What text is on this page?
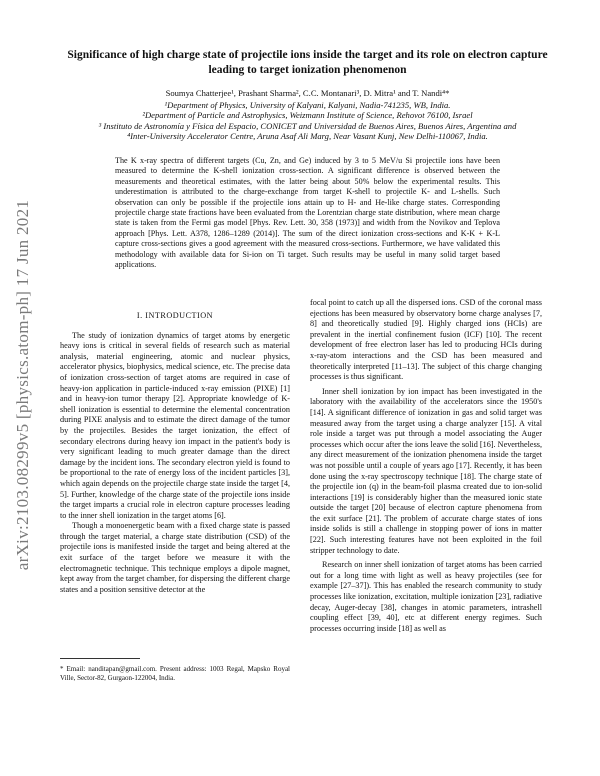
arXiv:2103.08299v5 [physics.atom-ph] 17 Jun 2021
Significance of high charge state of projectile ions inside the target and its role on electron capture leading to target ionization phenomenon
Soumya Chatterjee¹, Prashant Sharma², C.C. Montanari³, D. Mitra¹ and T. Nandi⁴*
¹Department of Physics, University of Kalyani, Kalyani, Nadia-741235, WB, India.
²Department of Particle and Astrophysics, Weizmann Institute of Science, Rehovot 76100, Israel
³ Instituto de Astronomía y Física del Espacio, CONICET and Universidad de Buenos Aires, Buenos Aires, Argentina and
⁴Inter-University Accelerator Centre, Aruna Asaf Ali Marg, Near Vasant Kunj, New Delhi-110067, India.
The K x-ray spectra of different targets (Cu, Zn, and Ge) induced by 3 to 5 MeV/u Si projectile ions have been measured to determine the K-shell ionization cross-section. A significant difference is observed between the measurements and theoretical estimates, with the latter being about 50% below the experimental results. This underestimation is attributed to the charge-exchange from target K-shell to projectile K- and L-shells. Such observation can only be possible if the projectile ions attain up to H- and He-like charge states. Corresponding projectile charge state fractions have been evaluated from the Lorentzian charge state distribution, where mean charge state is taken from the Fermi gas model [Phys. Rev. Lett. 30, 358 (1973)] and width from the Novikov and Teplova approach [Phys. Lett. A378, 1286–1289 (2014)]. The sum of the direct ionization cross-sections and K-K + K-L capture cross-sections gives a good agreement with the measured cross-sections. Furthermore, we have validated this methodology with available data for Si-ion on Ti target. Such results may be useful in many solid target based applications.
I. INTRODUCTION

The study of ionization dynamics of target atoms by energetic heavy ions is critical in several fields of research such as material analysis, material engineering, atomic and nuclear physics, accelerator physics, biophysics, medical science, etc. The precise data of ionization cross-section of target atoms are required in case of heavy-ion application in particle-induced x-ray emission (PIXE) [1] and in heavy-ion tumor therapy [2]. Appropriate knowledge of K-shell ionization is essential to determine the elemental concentration during PIXE analysis and to estimate the direct damage of the tumor by the projectiles. Besides the target ionization, the effect of secondary electrons during heavy ion impact in the patient's body is very significant leading to much greater damage than the direct damage by the incident ions. The secondary electron yield is found to be proportional to the rate of energy loss of the incident particles [3], which again depends on the projectile charge state inside the target [4, 5]. Further, knowledge of the charge state of the projectile ions inside the target imparts a crucial role in electron capture processes leading to the inner shell ionization in the target atoms [6].

Though a monoenergetic beam with a fixed charge state is passed through the target material, a charge state distribution (CSD) of the projectile ions is manifested inside the target and being altered at the exit surface of the target before we measure it with the electromagnetic technique. This technique employs a dipole magnet, kept away from the target chamber, for dispersing the different charge states and a position sensitive detector at the

focal point to catch up all the dispersed ions. CSD of the coronal mass ejections has been measured by observatory borne charge analyses [7, 8] and theoretically studied [9]. Highly charged ions (HCIs) are prevalent in the inertial confinement fusion (ICF) [10]. The recent development of free electron laser has led to producing HCIs during x-ray-atom interactions and the CSD has been measured and theoretically interpreted [11–13]. The subject of this charge changing processes is thus significant.

Inner shell ionization by ion impact has been investigated in the laboratory with the availability of the accelerators since the 1950's [14]. A significant difference of ionization in gas and solid target was measured away from the target using a charge analyzer [15]. A vital role inside a target was put through a model associating the Auger processes which occur after the ions leave the solid [16]. Nevertheless, any direct measurement of the ionization phenomena inside the target was not possible until a couple of years ago [17]. Recently, it has been done using the x-ray spectroscopy technique [18]. The charge state of the projectile ion (q) in the beam-foil plasma created due to ion-solid interactions [19] is considerably higher than the measured ionic state outside the target [20] because of electron capture phenomena from the exit surface [21]. The problem of accurate charge states of ions inside solids is still a challenge in stopping power of ions in matter [22]. Such interesting features have not been exploited in the foil stripper technology to date.

Research on inner shell ionization of target atoms has been carried out for a long time with light as well as heavy projectiles (see for example [27–37]). This has enabled the research community to study processes like ionization, excitation, multiple ionization [23], radiative decay, Auger-decay [38], changes in atomic parameters, intrashell coupling effect [39, 40], etc at different energy regimes. Such processes occurring inside [18] as well as

* Email: nanditapan@gmail.com. Present address: 1003 Regal, Mapsko Royal Ville, Sector-82, Gurgaon-122004, India.
